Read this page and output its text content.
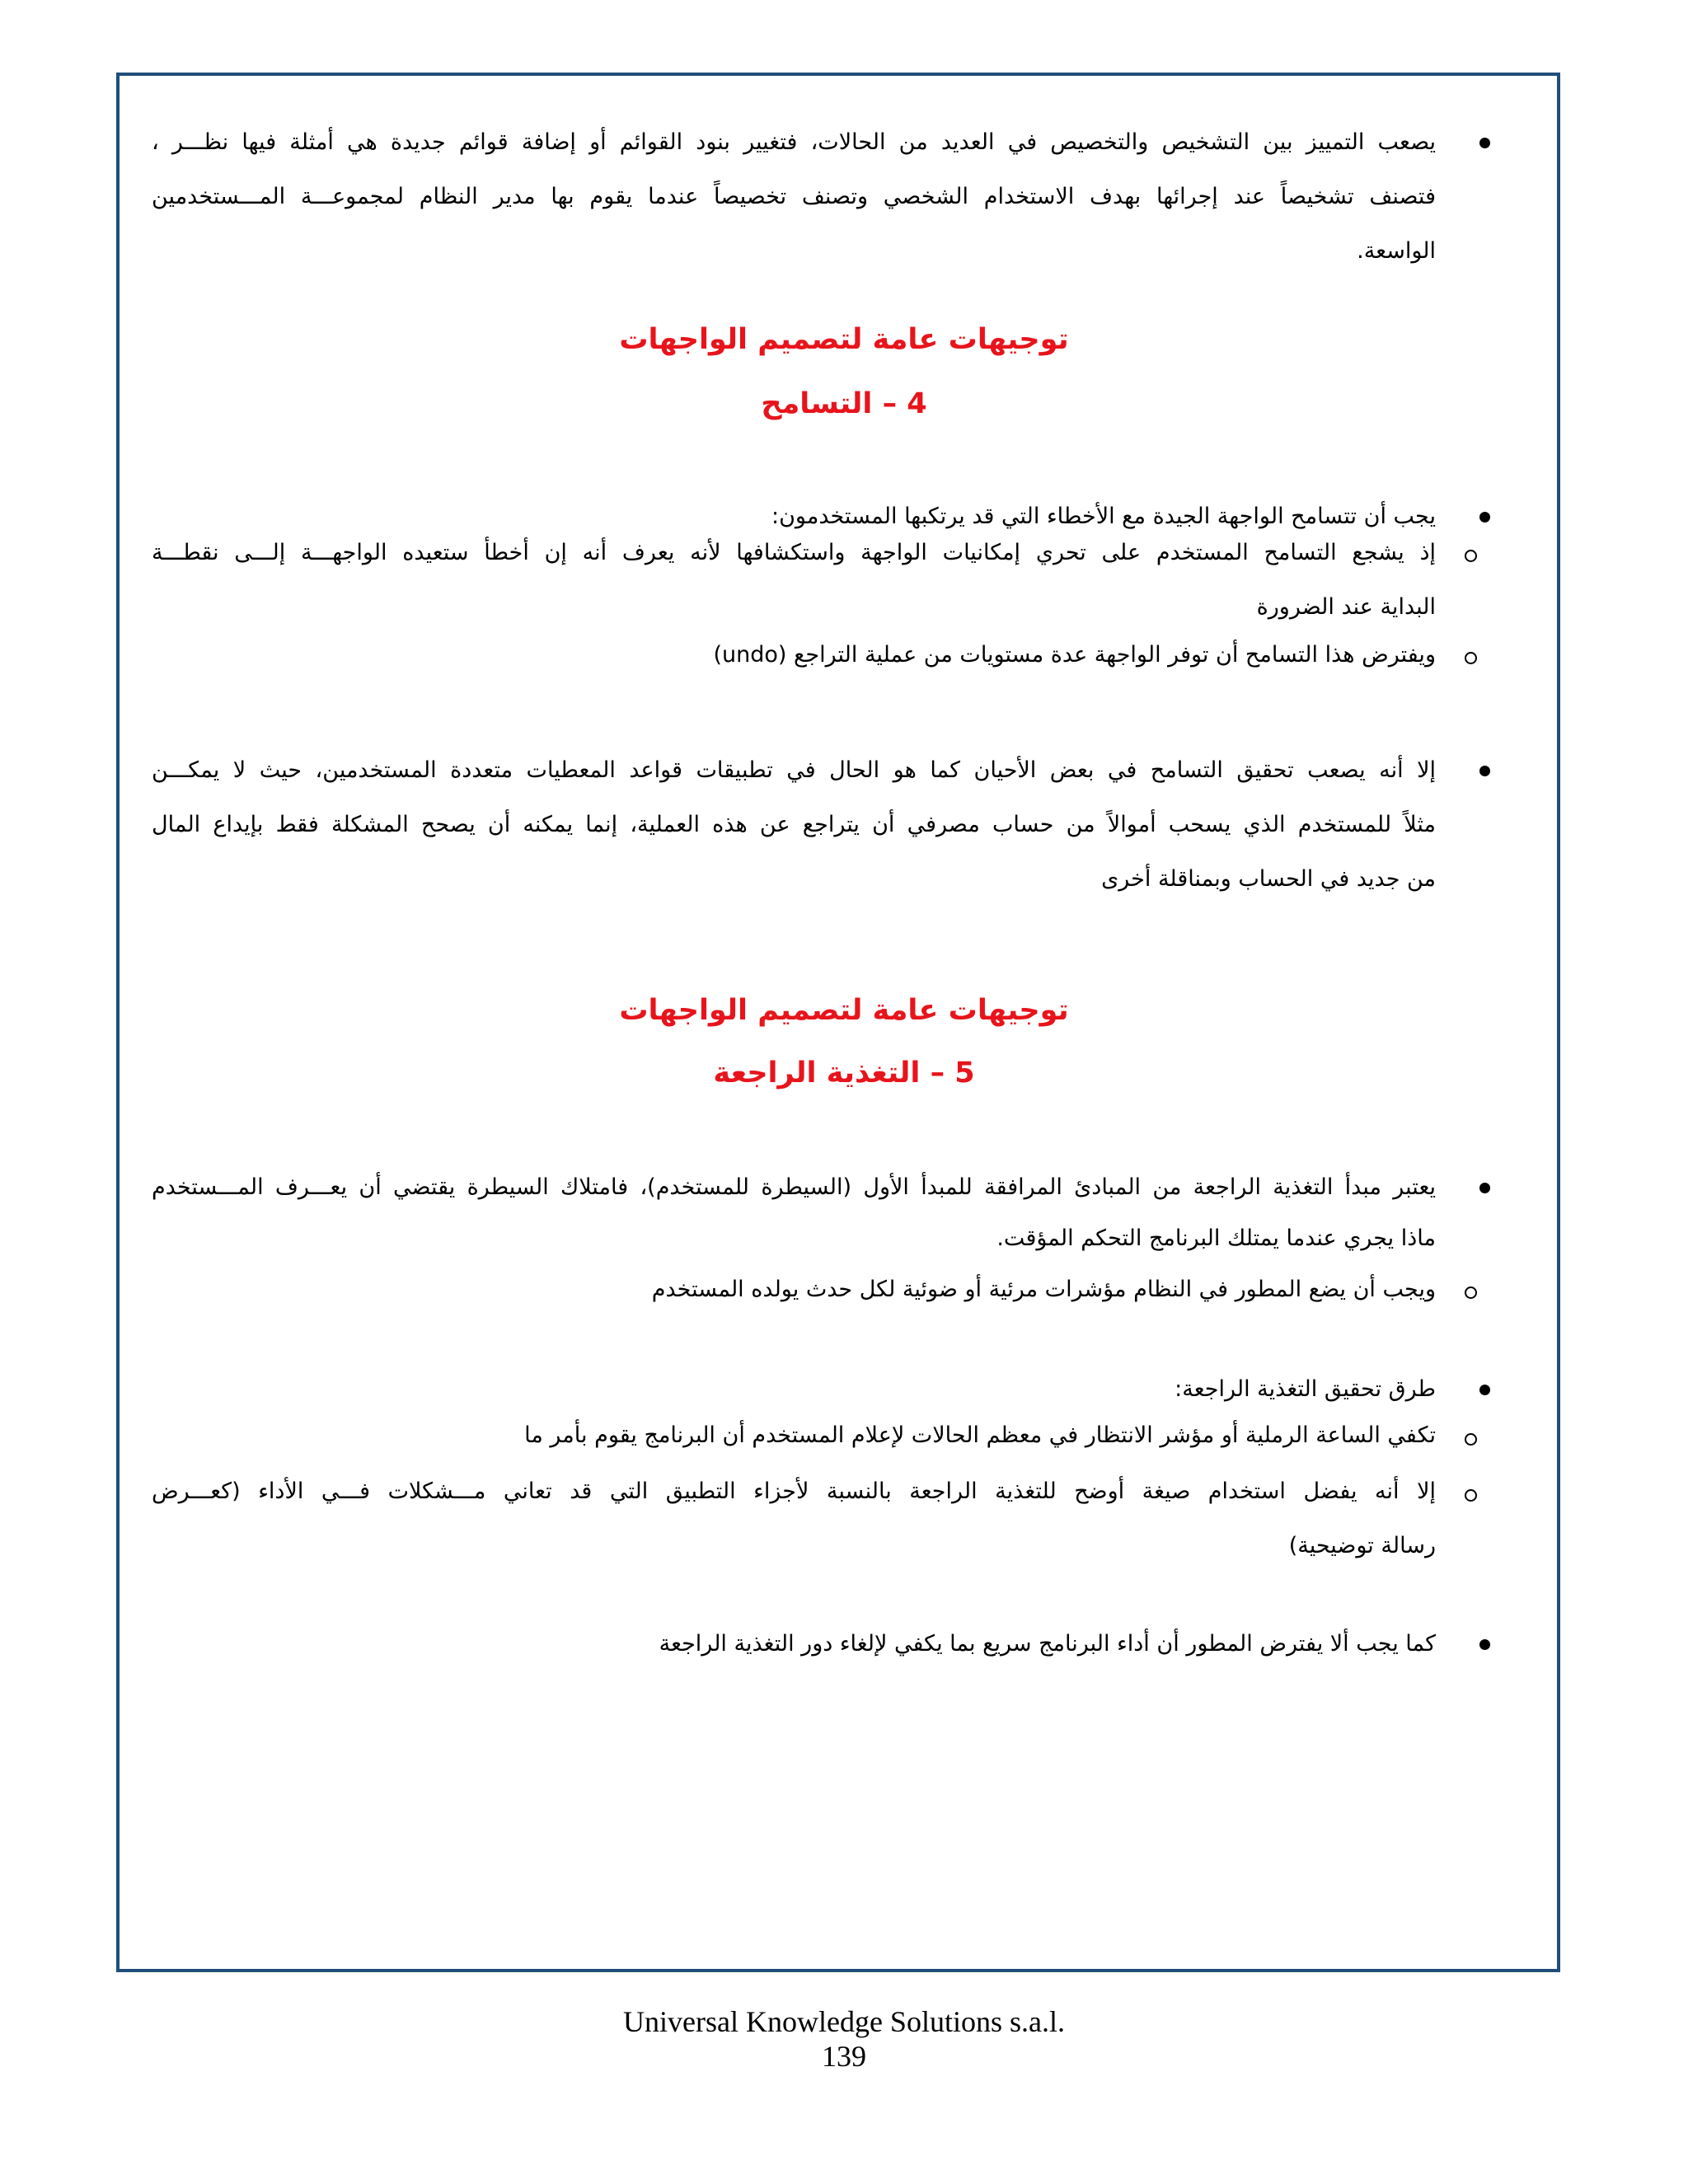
يصعب التمييز بين التشخيص والتخصيص في العديد من الحالات، فتغيير بنود القوائم أو إضافة قوائم جديدة هي أمثلة فيها نظـــر ،
فتصنف تشخيصاً عند إجرائها بهدف الاستخدام الشخصي وتصنف تخصيصاً عندما يقوم بها مدير النظام لمجموعـــة المـــستخدمين
الواسعة.
توجيهات عامة لتصميم الواجهات
4 – التسامح
يجب أن تتسامح الواجهة الجيدة مع الأخطاء التي قد يرتكبها المستخدمون:
إذ يشجع التسامح المستخدم على تحري إمكانيات الواجهة واستكشافها لأنه يعرف أنه إن أخطأ ستعيده الواجهـــة إلـــى نقطـــة
البداية عند الضرورة
ويفترض هذا التسامح أن توفر الواجهة عدة مستويات من عملية التراجع (undo)
إلا أنه يصعب تحقيق التسامح في بعض الأحيان كما هو الحال في تطبيقات قواعد المعطيات متعددة المستخدمين، حيث لا يمكـــن
مثلاً للمستخدم الذي يسحب أموالاً من حساب مصرفي أن يتراجع عن هذه العملية، إنما يمكنه أن يصحح المشكلة فقط بإيداع المال
من جديد في الحساب وبمناقلة أخرى
توجيهات عامة لتصميم الواجهات
5 – التغذية الراجعة
يعتبر مبدأ التغذية الراجعة من المبادئ المرافقة للمبدأ الأول (السيطرة للمستخدم)، فامتلاك السيطرة يقتضي أن يعـــرف المـــستخدم
ماذا يجري عندما يمتلك البرنامج التحكم المؤقت.
ويجب أن يضع المطور في النظام مؤشرات مرئية أو ضوئية لكل حدث يولده المستخدم
طرق تحقيق التغذية الراجعة:
تكفي الساعة الرملية أو مؤشر الانتظار في معظم الحالات لإعلام المستخدم أن البرنامج يقوم بأمر ما
إلا أنه يفضل استخدام صيغة أوضح للتغذية الراجعة بالنسبة لأجزاء التطبيق التي قد تعاني مـــشكلات فـــي الأداء (كعـــرض
رسالة توضيحية)
كما يجب ألا يفترض المطور أن أداء البرنامج سريع بما يكفي لإلغاء دور التغذية الراجعة
Universal Knowledge Solutions s.a.l.
139
